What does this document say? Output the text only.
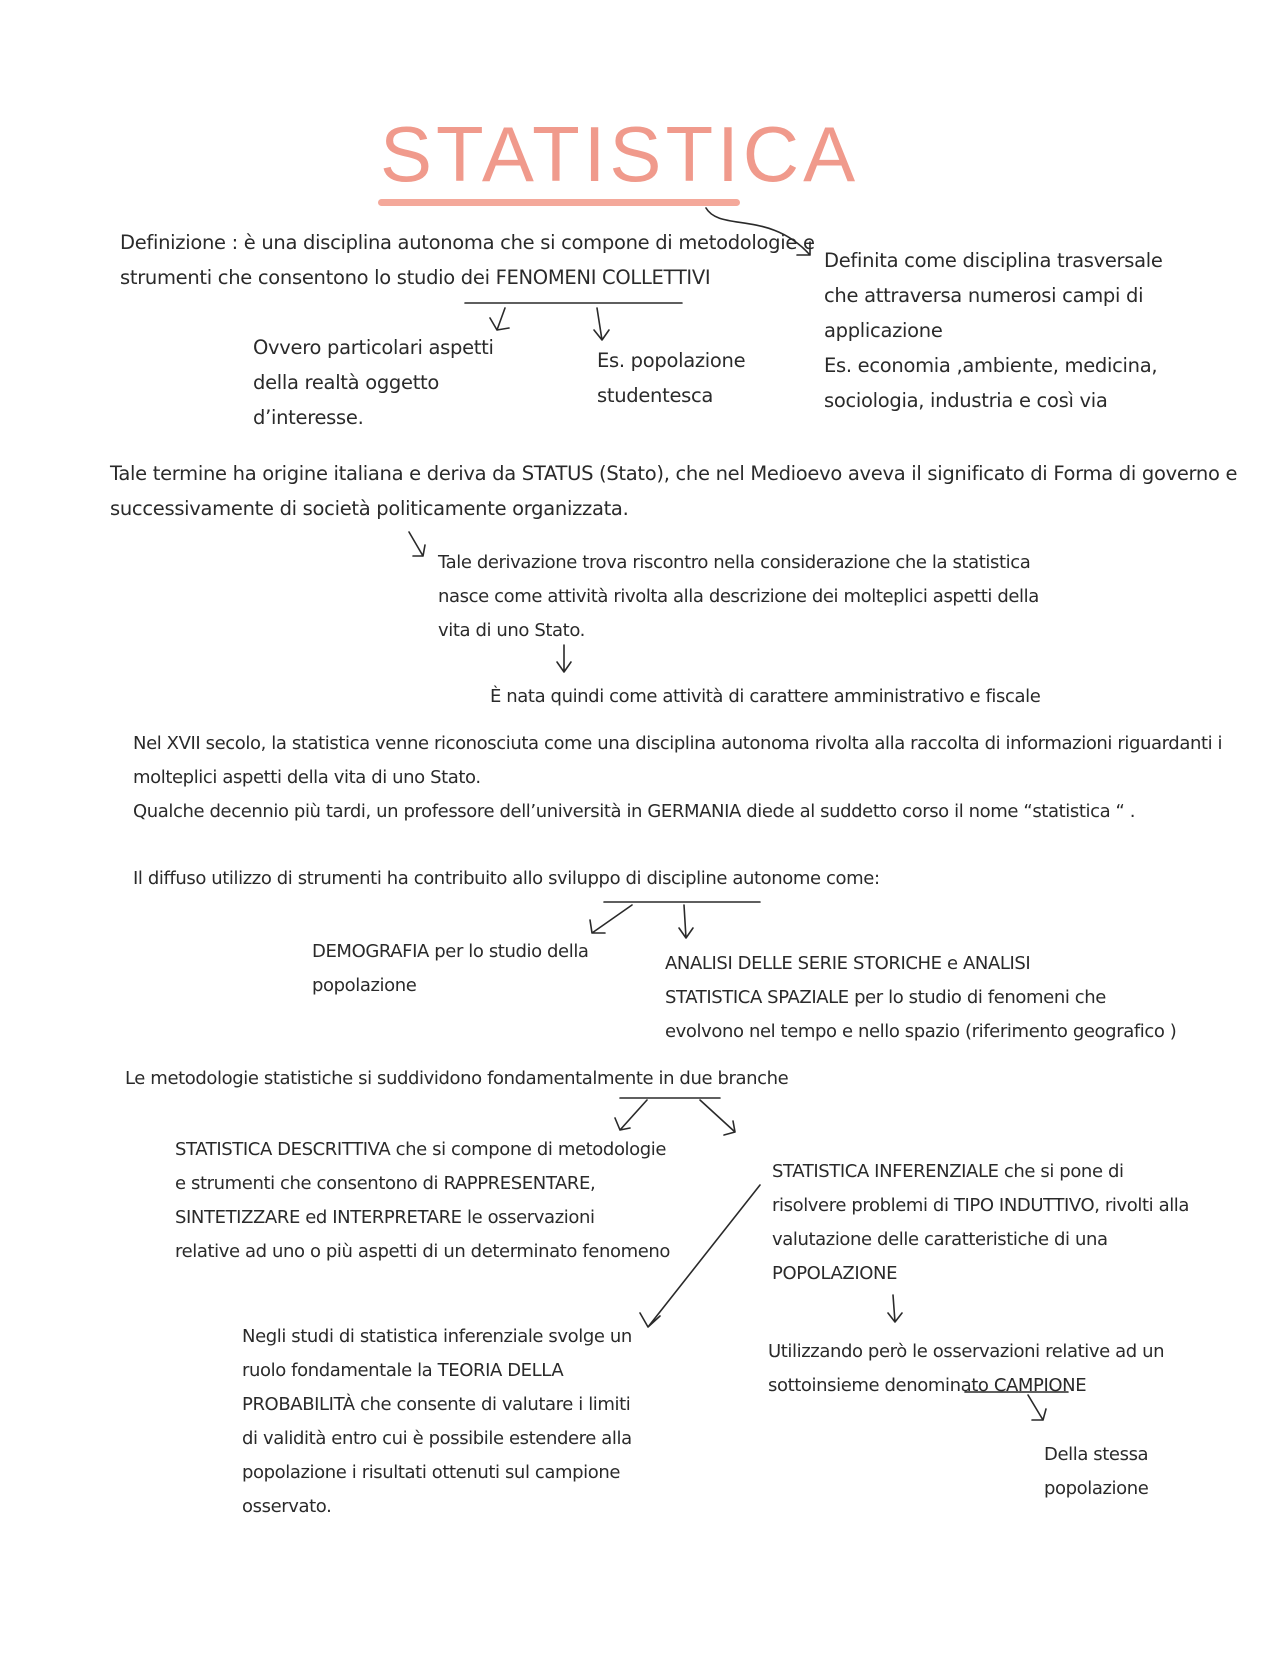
STATISTICA
Definizione : è una disciplina autonoma che si compone di metodologie e
strumenti che consentono lo studio dei FENOMENI COLLETTIVI
Ovvero particolari aspetti
della realtà oggetto
d’interesse.
Es. popolazione
studentesca
Definita come disciplina trasversale
che attraversa numerosi campi di
applicazione
Es. economia ,ambiente, medicina,
sociologia, industria e così via
Tale termine ha origine italiana e deriva da STATUS (Stato), che nel Medioevo aveva il significato di Forma di governo e
successivamente di società politicamente organizzata.
Tale derivazione trova riscontro nella considerazione che la statistica
nasce come attività rivolta alla descrizione dei molteplici aspetti della
vita di uno Stato.
È nata quindi come attività di carattere amministrativo e fiscale
Nel XVII secolo, la statistica venne riconosciuta come una disciplina autonoma rivolta alla raccolta di informazioni riguardanti i
molteplici aspetti della vita di uno Stato.
Qualche decennio più tardi, un professore dell’università in GERMANIA diede al suddetto corso il nome “statistica “ .
Il diffuso utilizzo di strumenti ha contribuito allo sviluppo di discipline autonome come:
DEMOGRAFIA per lo studio della
popolazione
ANALISI DELLE SERIE STORICHE e ANALISI
STATISTICA SPAZIALE per lo studio di fenomeni che
evolvono nel tempo e nello spazio (riferimento geografico )
Le metodologie statistiche si suddividono fondamentalmente in due branche
STATISTICA DESCRITTIVA che si compone di metodologie
e strumenti che consentono di RAPPRESENTARE,
SINTETIZZARE ed INTERPRETARE le osservazioni
relative ad uno o più aspetti di un determinato fenomeno
STATISTICA INFERENZIALE che si pone di
risolvere problemi di TIPO INDUTTIVO, rivolti alla
valutazione delle caratteristiche di una
POPOLAZIONE
Negli studi di statistica inferenziale svolge un
ruolo fondamentale la TEORIA DELLA
PROBABILITÀ che consente di valutare i limiti
di validità entro cui è possibile estendere alla
popolazione i risultati ottenuti sul campione
osservato.
Utilizzando però le osservazioni relative ad un
sottoinsieme denominato CAMPIONE
Della stessa
popolazione
